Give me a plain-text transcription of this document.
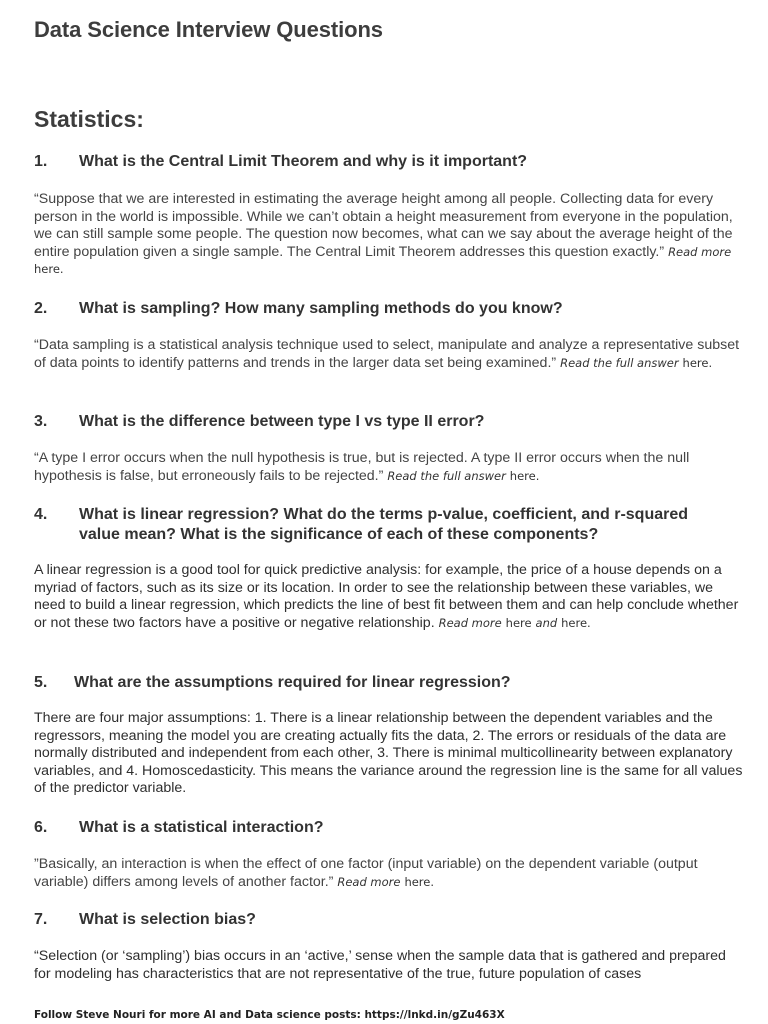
Data Science Interview Questions
Statistics:
1. What is the Central Limit Theorem and why is it important?
“Suppose that we are interested in estimating the average height among all people. Collecting data for every person in the world is impossible. While we can’t obtain a height measurement from everyone in the population, we can still sample some people. The question now becomes, what can we say about the average height of the entire population given a single sample. The Central Limit Theorem addresses this question exactly.” Read more here.
2. What is sampling? How many sampling methods do you know?
“Data sampling is a statistical analysis technique used to select, manipulate and analyze a representative subset of data points to identify patterns and trends in the larger data set being examined.” Read the full answer here.
3. What is the difference between type I vs type II error?
“A type I error occurs when the null hypothesis is true, but is rejected. A type II error occurs when the null hypothesis is false, but erroneously fails to be rejected.” Read the full answer here.
4. What is linear regression? What do the terms p-value, coefficient, and r-squared value mean? What is the significance of each of these components?
A linear regression is a good tool for quick predictive analysis: for example, the price of a house depends on a myriad of factors, such as its size or its location. In order to see the relationship between these variables, we need to build a linear regression, which predicts the line of best fit between them and can help conclude whether or not these two factors have a positive or negative relationship. Read more here and here.
5. What are the assumptions required for linear regression?
There are four major assumptions: 1. There is a linear relationship between the dependent variables and the regressors, meaning the model you are creating actually fits the data, 2. The errors or residuals of the data are normally distributed and independent from each other, 3. There is minimal multicollinearity between explanatory variables, and 4. Homoscedasticity. This means the variance around the regression line is the same for all values of the predictor variable.
6. What is a statistical interaction?
”Basically, an interaction is when the effect of one factor (input variable) on the dependent variable (output variable) differs among levels of another factor.” Read more here.
7. What is selection bias?
“Selection (or ‘sampling’) bias occurs in an ‘active,’ sense when the sample data that is gathered and prepared for modeling has characteristics that are not representative of the true, future population of cases
Follow Steve Nouri for more AI and Data science posts: https://lnkd.in/gZu463X
